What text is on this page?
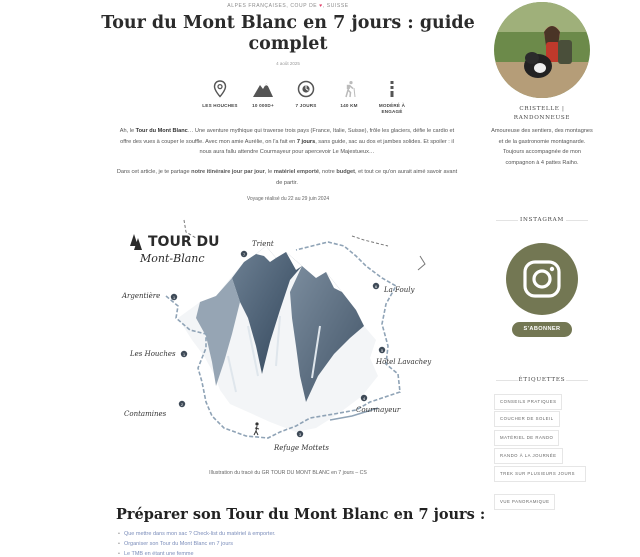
ALPES FRANÇAISES, COUP DE ♥, SUISSE
Tour du Mont Blanc en 7 jours : guide
complet
4 août 2025
LES HOUCHES	10 000D+	7 JOURS	140 KM	MODÉRÉ À ENGAGÉ

Ah, le Tour du Mont Blanc… Une aventure mythique qui traverse trois pays (France, Italie, Suisse), frôle les glaciers, défie le cardio et offre des vues à couper le souffle. Avec mon amie Aurélie, on l'a fait en 7 jours, sans guide, sac au dos et jambes solides. Et spoiler : il nous aura fallu attendre Courmayeur pour apercevoir Le Majestueux…

Dans cet article, je te partage notre itinéraire jour par jour, le matériel emporté, notre budget, et tout ce qu'on aurait aimé savoir avant de partir.

Voyage réalisé du 22 au 29 juin 2024
TOUR DU
Mont-Blanc
1
Argentière
7
Trient
6 La Fouly
5
Hôtel Lavachey
4
Courmayeur
3
Refuge Mottets
2
Contamines
1
Les Houches
Illustration du tracé du GR TOUR DU MONT BLANC en 7 jours – CS
Préparer son Tour du Mont Blanc en 7 jours :
• Que mettre dans mon sac ? Check-list du matériel à emporter.
• Organiser son Tour du Mont Blanc en 7 jours
• Le TMB en étant une femme
CRISTELLE |
RANDONNEUSE

Amoureuse des sentiers, des montagnes et de la gastronomie montagnarde. Toujours accompagnée de mon compagnon à 4 pattes Raiho.

INSTAGRAM
S'ABONNER
ÉTIQUETTES
CONSEILS PRATIQUES
COUCHER DE SOLEIL
MATÉRIEL DE RANDO
RANDO À LA JOURNÉE
TREK SUR PLUSIEURS JOURS
VUE PANORAMIQUE
